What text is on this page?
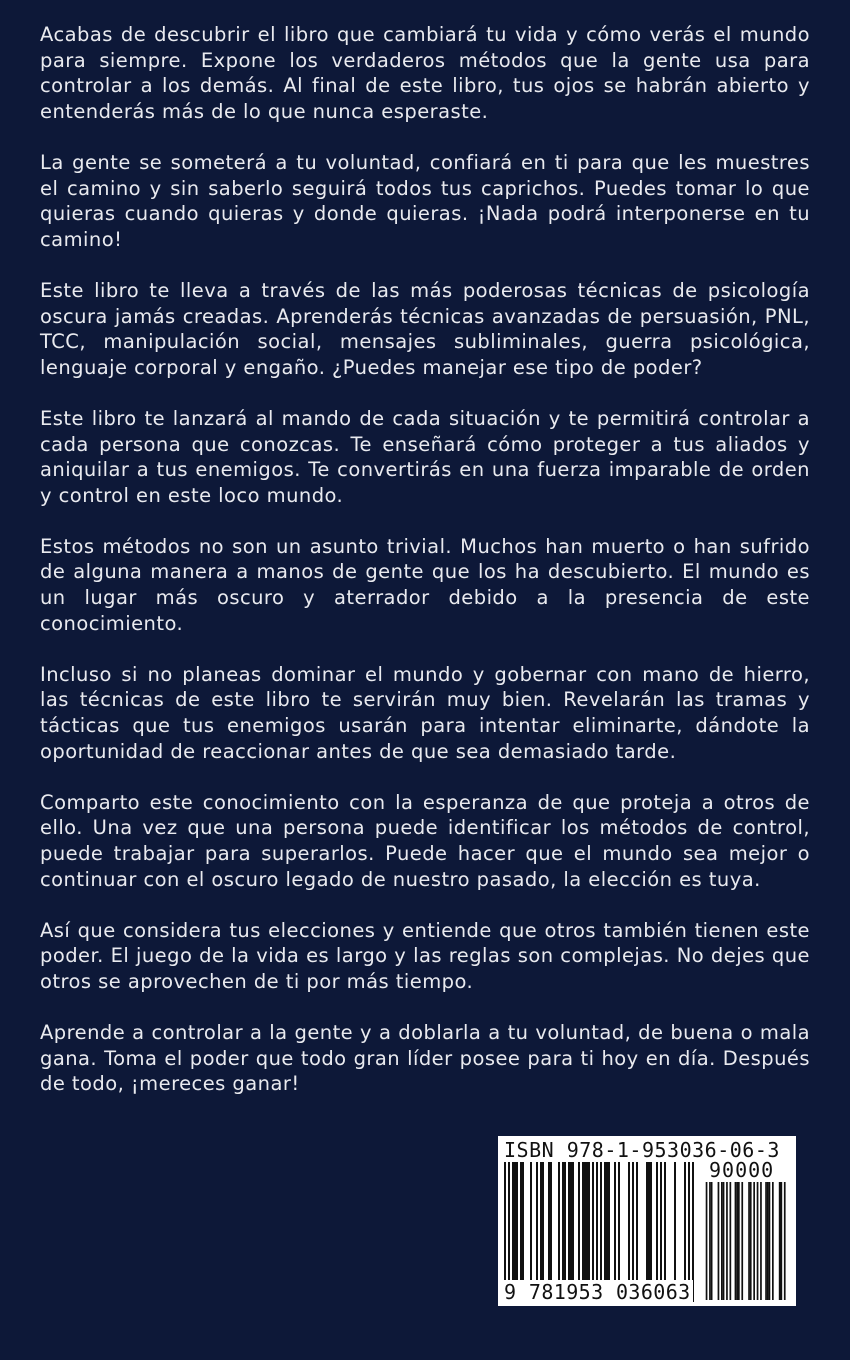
Acabas de descubrir el libro que cambiará tu vida y cómo verás el mundo para siempre. Expone los verdaderos métodos que la gente usa para controlar a los demás. Al final de este libro, tus ojos se habrán abierto y entenderás más de lo que nunca esperaste.

La gente se someterá a tu voluntad, confiará en ti para que les muestres el camino y sin saberlo seguirá todos tus caprichos. Puedes tomar lo que quieras cuando quieras y donde quieras. ¡Nada podrá interponerse en tu camino!

Este libro te lleva a través de las más poderosas técnicas de psicología oscura jamás creadas. Aprenderás técnicas avanzadas de persuasión, PNL, TCC, manipulación social, mensajes subliminales, guerra psicológica, lenguaje corporal y engaño. ¿Puedes manejar ese tipo de poder?

Este libro te lanzará al mando de cada situación y te permitirá controlar a cada persona que conozcas. Te enseñará cómo proteger a tus aliados y aniquilar a tus enemigos. Te convertirás en una fuerza imparable de orden y control en este loco mundo.

Estos métodos no son un asunto trivial. Muchos han muerto o han sufrido de alguna manera a manos de gente que los ha descubierto. El mundo es un lugar más oscuro y aterrador debido a la presencia de este conocimiento.

Incluso si no planeas dominar el mundo y gobernar con mano de hierro, las técnicas de este libro te servirán muy bien. Revelarán las tramas y tácticas que tus enemigos usarán para intentar eliminarte, dándote la oportunidad de reaccionar antes de que sea demasiado tarde.

Comparto este conocimiento con la esperanza de que proteja a otros de ello. Una vez que una persona puede identificar los métodos de control, puede trabajar para superarlos. Puede hacer que el mundo sea mejor o continuar con el oscuro legado de nuestro pasado, la elección es tuya.

Así que considera tus elecciones y entiende que otros también tienen este poder. El juego de la vida es largo y las reglas son complejas. No dejes que otros se aprovechen de ti por más tiempo.

Aprende a controlar a la gente y a doblarla a tu voluntad, de buena o mala gana. Toma el poder que todo gran líder posee para ti hoy en día. Después de todo, ¡mereces ganar!

ISBN 978-1-953036-06-3
90000
9 781953 036063
